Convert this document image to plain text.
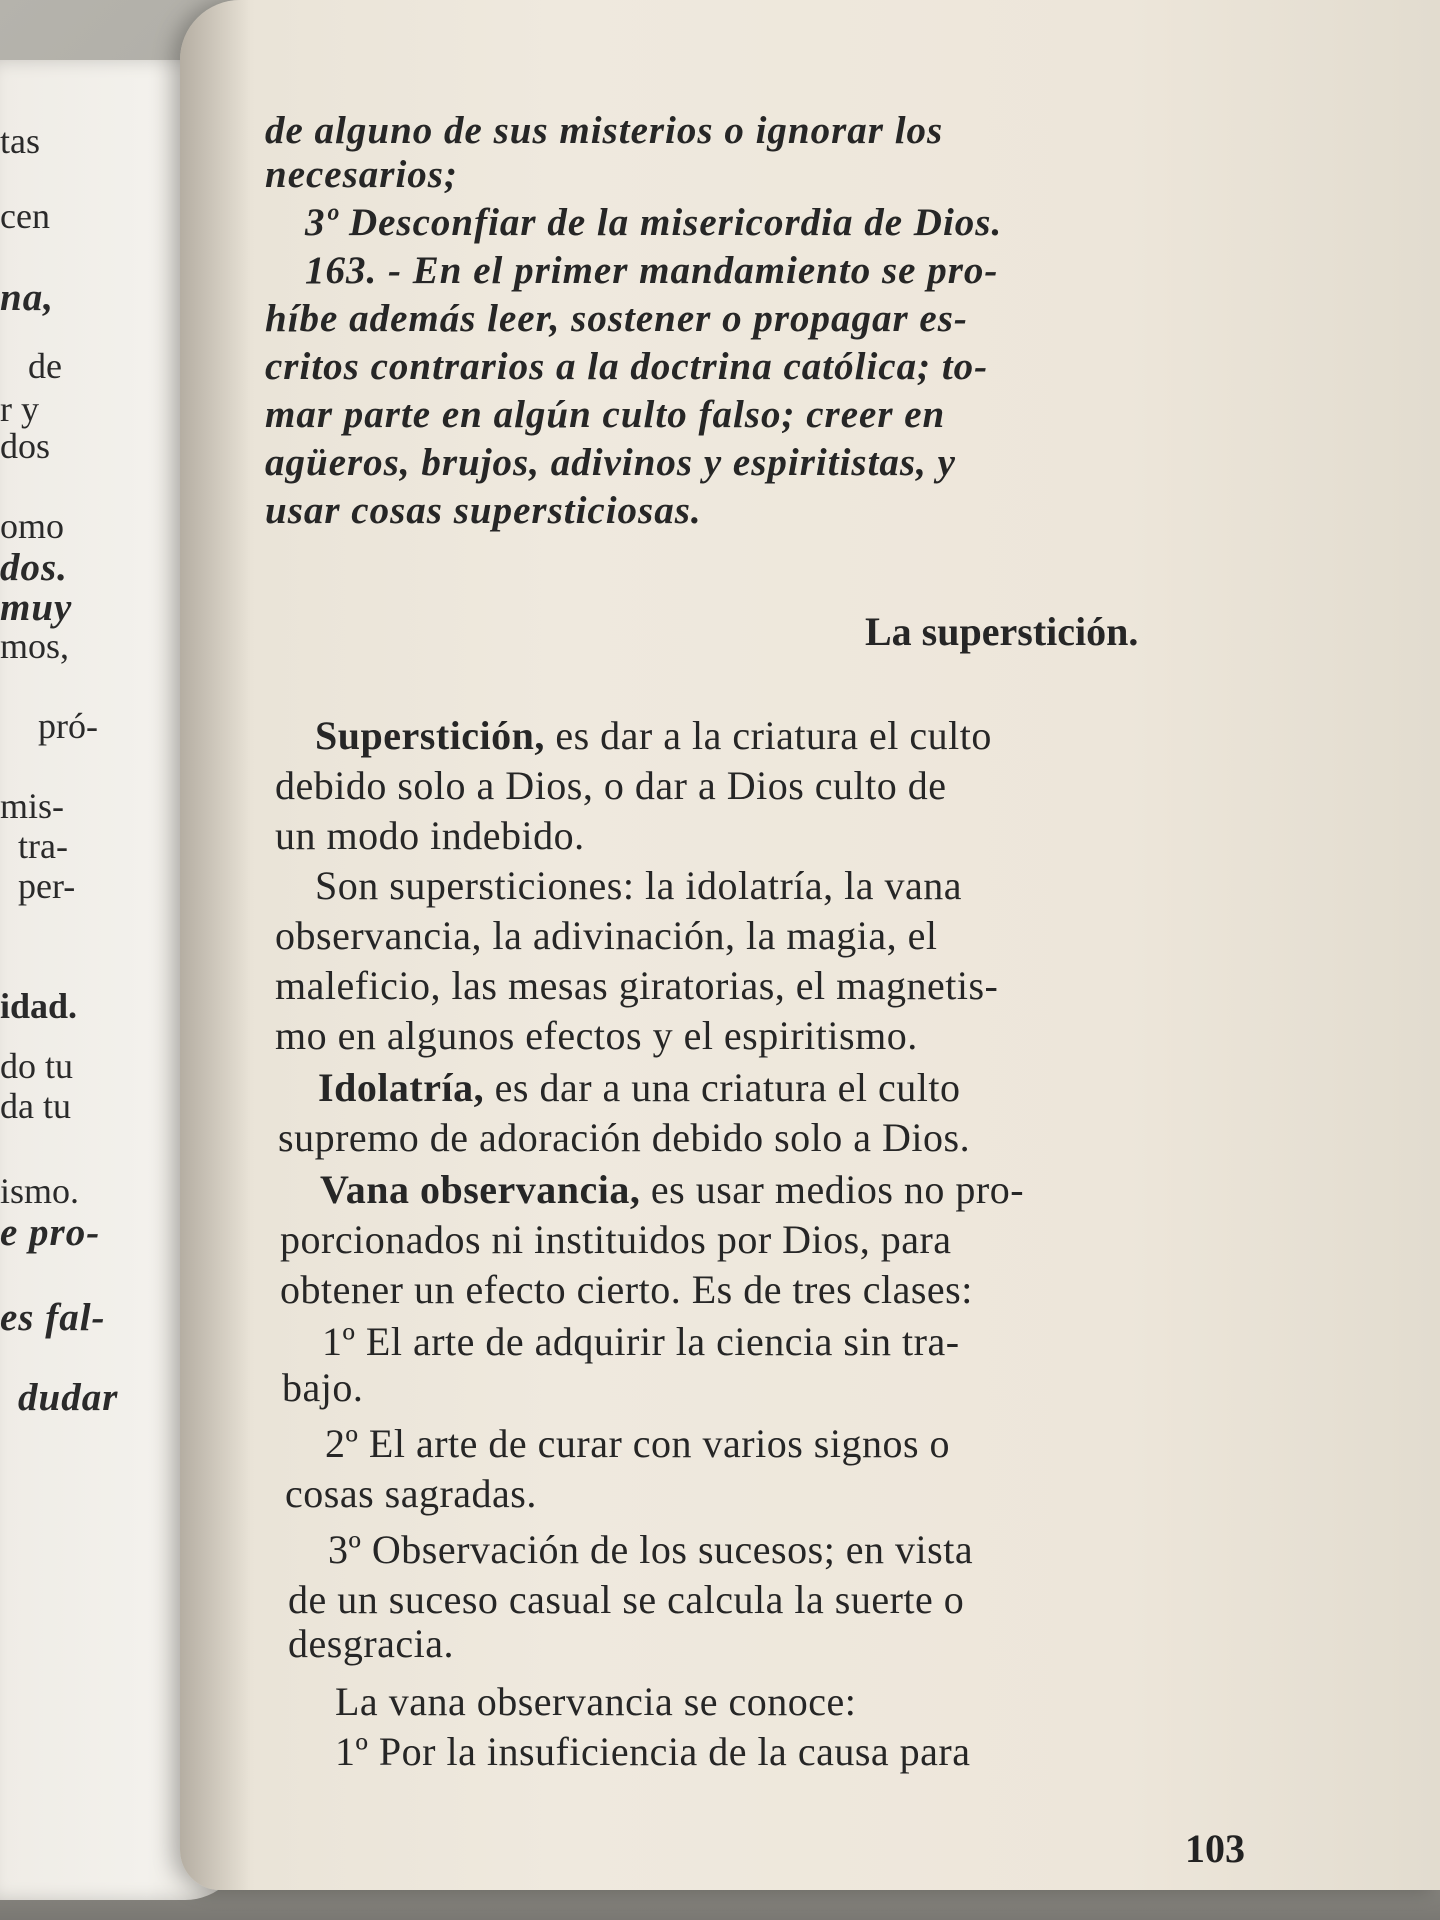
tas
cen
na,
de
r y
dos
omo
dos.
muy
mos,
pró-
mis-
tra-
per-
idad.
do tu
da tu
ismo.
e pro-
es fal-
dudar
de alguno de sus misterios o ignorar los
necesarios;
3º Desconfiar de la misericordia de Dios.
163. - En el primer mandamiento se pro-
híbe además leer, sostener o propagar es-
critos contrarios a la doctrina católica; to-
mar parte en algún culto falso; creer en
agüeros, brujos, adivinos y espiritistas, y
usar cosas supersticiosas.
La superstición.
Superstición, es dar a la criatura el culto
debido solo a Dios, o dar a Dios culto de
un modo indebido.
Son supersticiones: la idolatría, la vana
observancia, la adivinación, la magia, el
maleficio, las mesas giratorias, el magnetis-
mo en algunos efectos y el espiritismo.
Idolatría, es dar a una criatura el culto
supremo de adoración debido solo a Dios.
Vana observancia, es usar medios no pro-
porcionados ni instituidos por Dios, para
obtener un efecto cierto. Es de tres clases:
1º El arte de adquirir la ciencia sin tra-
bajo.
2º El arte de curar con varios signos o
cosas sagradas.
3º Observación de los sucesos; en vista
de un suceso casual se calcula la suerte o
desgracia.
La vana observancia se conoce:
1º Por la insuficiencia de la causa para
103
